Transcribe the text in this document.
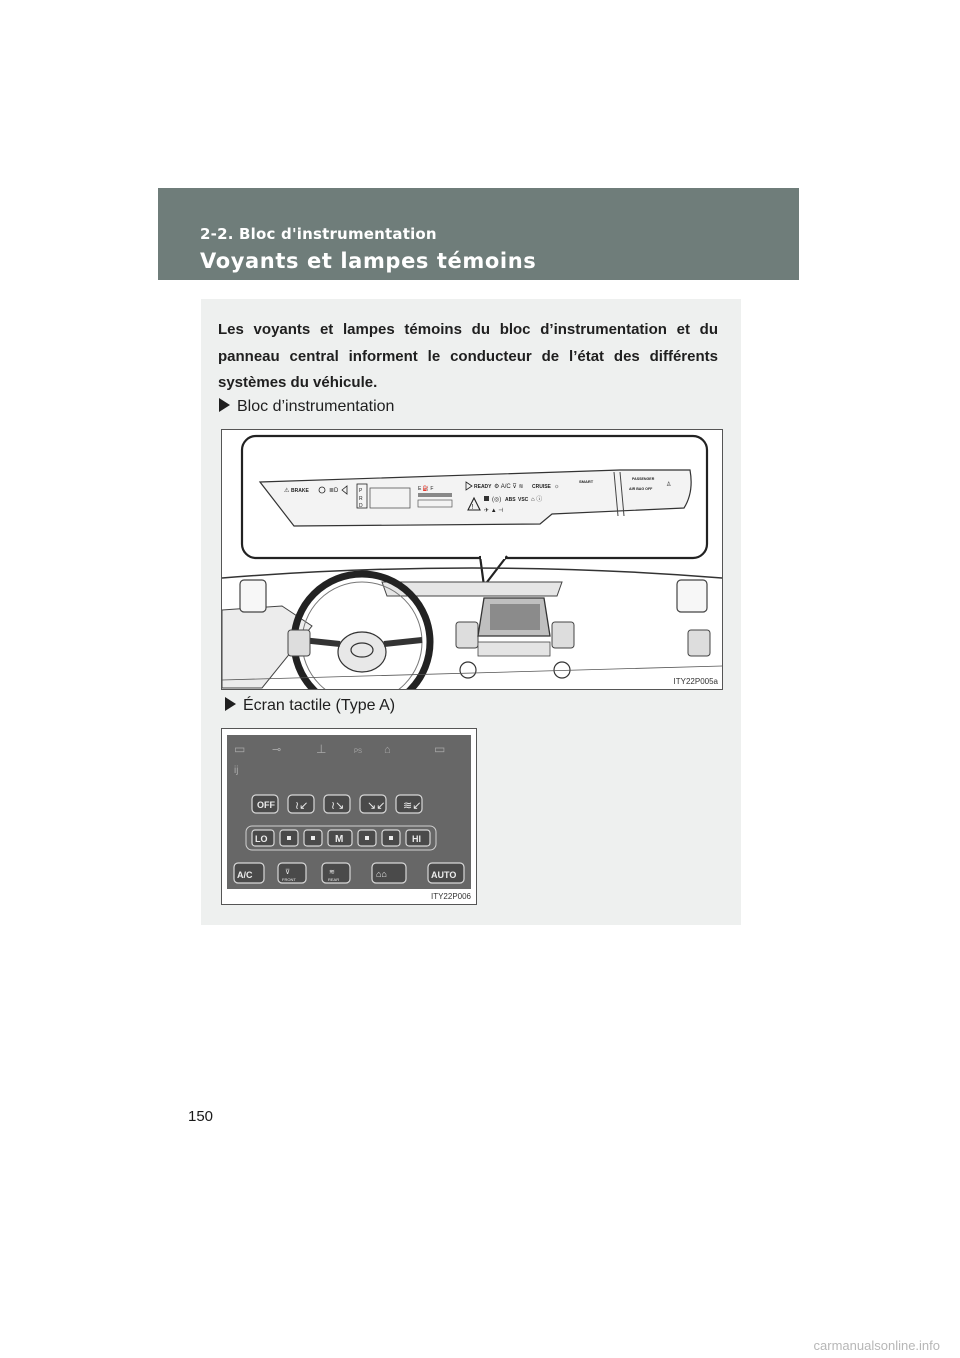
2-2. Bloc d'instrumentation
Voyants et lampes témoins
Les voyants et lampes témoins du bloc d’instrumentation et du panneau central informent le conducteur de l’état des différents systèmes du véhicule.
Bloc d’instrumentation
⚠ BRAKE	≣D	P
R
D
E ⛽ F	READY ⚙ A/C ⊽ ≋ CRUISE ☼
!
(◎) ABS VSC ⌂ ⓘ
✈ ▲ ⊣
SMART	PASSENGER
AIR BAG OFF
♙
ITY22P005a
Écran tactile (Type A)
▭ ⊸	⊥	PS ⌂	▭
ĳ
OFF ≀↙ ≀↘ ↘↙ ≋↙
LO	M	HI
A/C	⊽
FRONT
≋
REAR
⌂⌂	AUTO
ITY22P006
150
carmanualsonline.info
